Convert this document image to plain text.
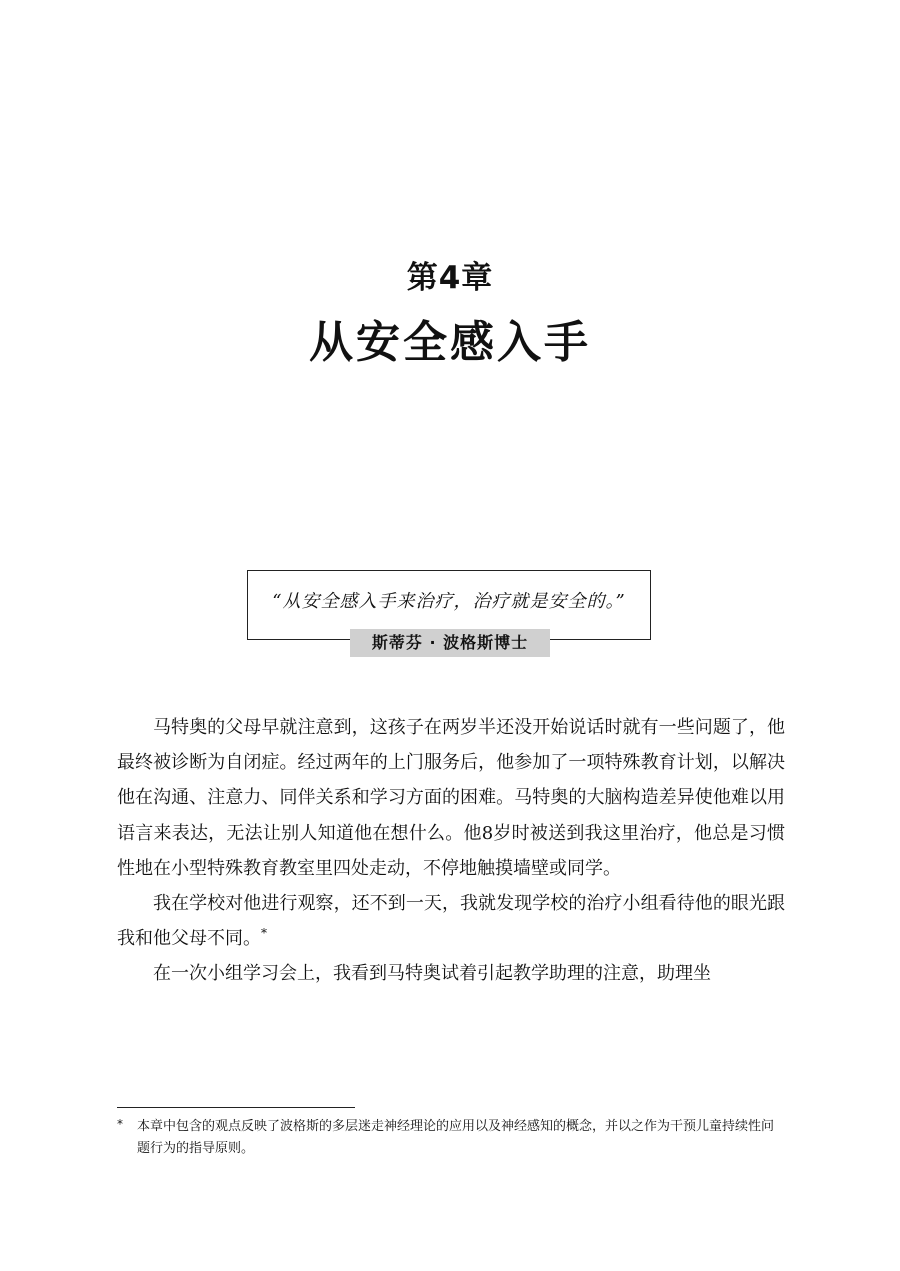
第4章
从安全感入手
“从安全感入手来治疗，治疗就是安全的。”
斯蒂芬 · 波格斯博士

马特奥的父母早就注意到，这孩子在两岁半还没开始说话时就有一些问题了，他最终被诊断为自闭症。经过两年的上门服务后，他参加了一项特殊教育计划，以解决他在沟通、注意力、同伴关系和学习方面的困难。马特奥的大脑构造差异使他难以用语言来表达，无法让别人知道他在想什么。他8岁时被送到我这里治疗，他总是习惯性地在小型特殊教育教室里四处走动，不停地触摸墙壁或同学。

我在学校对他进行观察，还不到一天，我就发现学校的治疗小组看待他的眼光跟我和他父母不同。*

在一次小组学习会上，我看到马特奥试着引起教学助理的注意，助理坐

* 本章中包含的观点反映了波格斯的多层迷走神经理论的应用以及神经感知的概念，并以之作为干预儿童持续性问题行为的指导原则。
